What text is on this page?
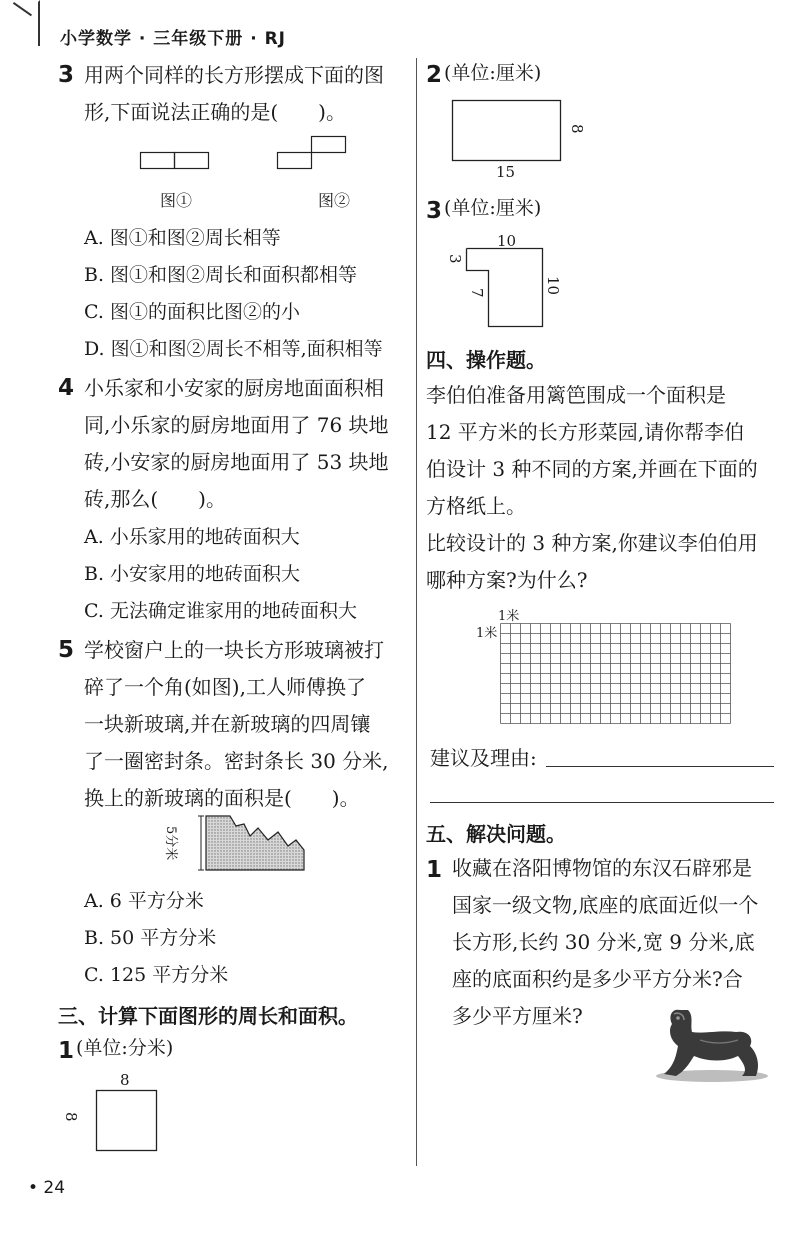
小学数学 · 三年级下册 · RJ
3 用两个同样的长方形摆成下面的图
形,下面说法正确的是(　　)。
图①	图②
A. 图①和图②周长相等
B. 图①和图②周长和面积都相等
C. 图①的面积比图②的小
D. 图①和图②周长不相等,面积相等
4 小乐家和小安家的厨房地面面积相
同,小乐家的厨房地面用了 76 块地
砖,小安家的厨房地面用了 53 块地
砖,那么(　　)。
A. 小乐家用的地砖面积大
B. 小安家用的地砖面积大
C. 无法确定谁家用的地砖面积大
5 学校窗户上的一块长方形玻璃被打
碎了一个角(如图),工人师傅换了
一块新玻璃,并在新玻璃的四周镶
了一圈密封条。密封条长 30 分米,
换上的新玻璃的面积是(　　)。
5分米
A. 6 平方分米
B. 50 平方分米
C. 125 平方分米
三、计算下面图形的周长和面积。
1 (单位:分米)
8
8
2 (单位:厘米)
15
8
3 (单位:厘米)
10
3
7	10
四、操作题。
李伯伯准备用篱笆围成一个面积是
12 平方米的长方形菜园,请你帮李伯
伯设计 3 种不同的方案,并画在下面的
方格纸上。
比较设计的 3 种方案,你建议李伯伯用
哪种方案?为什么?
1米
1米
建议及理由:
五、解决问题。
1 收藏在洛阳博物馆的东汉石辟邪是
国家一级文物,底座的底面近似一个
长方形,长约 30 分米,宽 9 分米,底
座的底面积约是多少平方分米?合
多少平方厘米?
• 24
